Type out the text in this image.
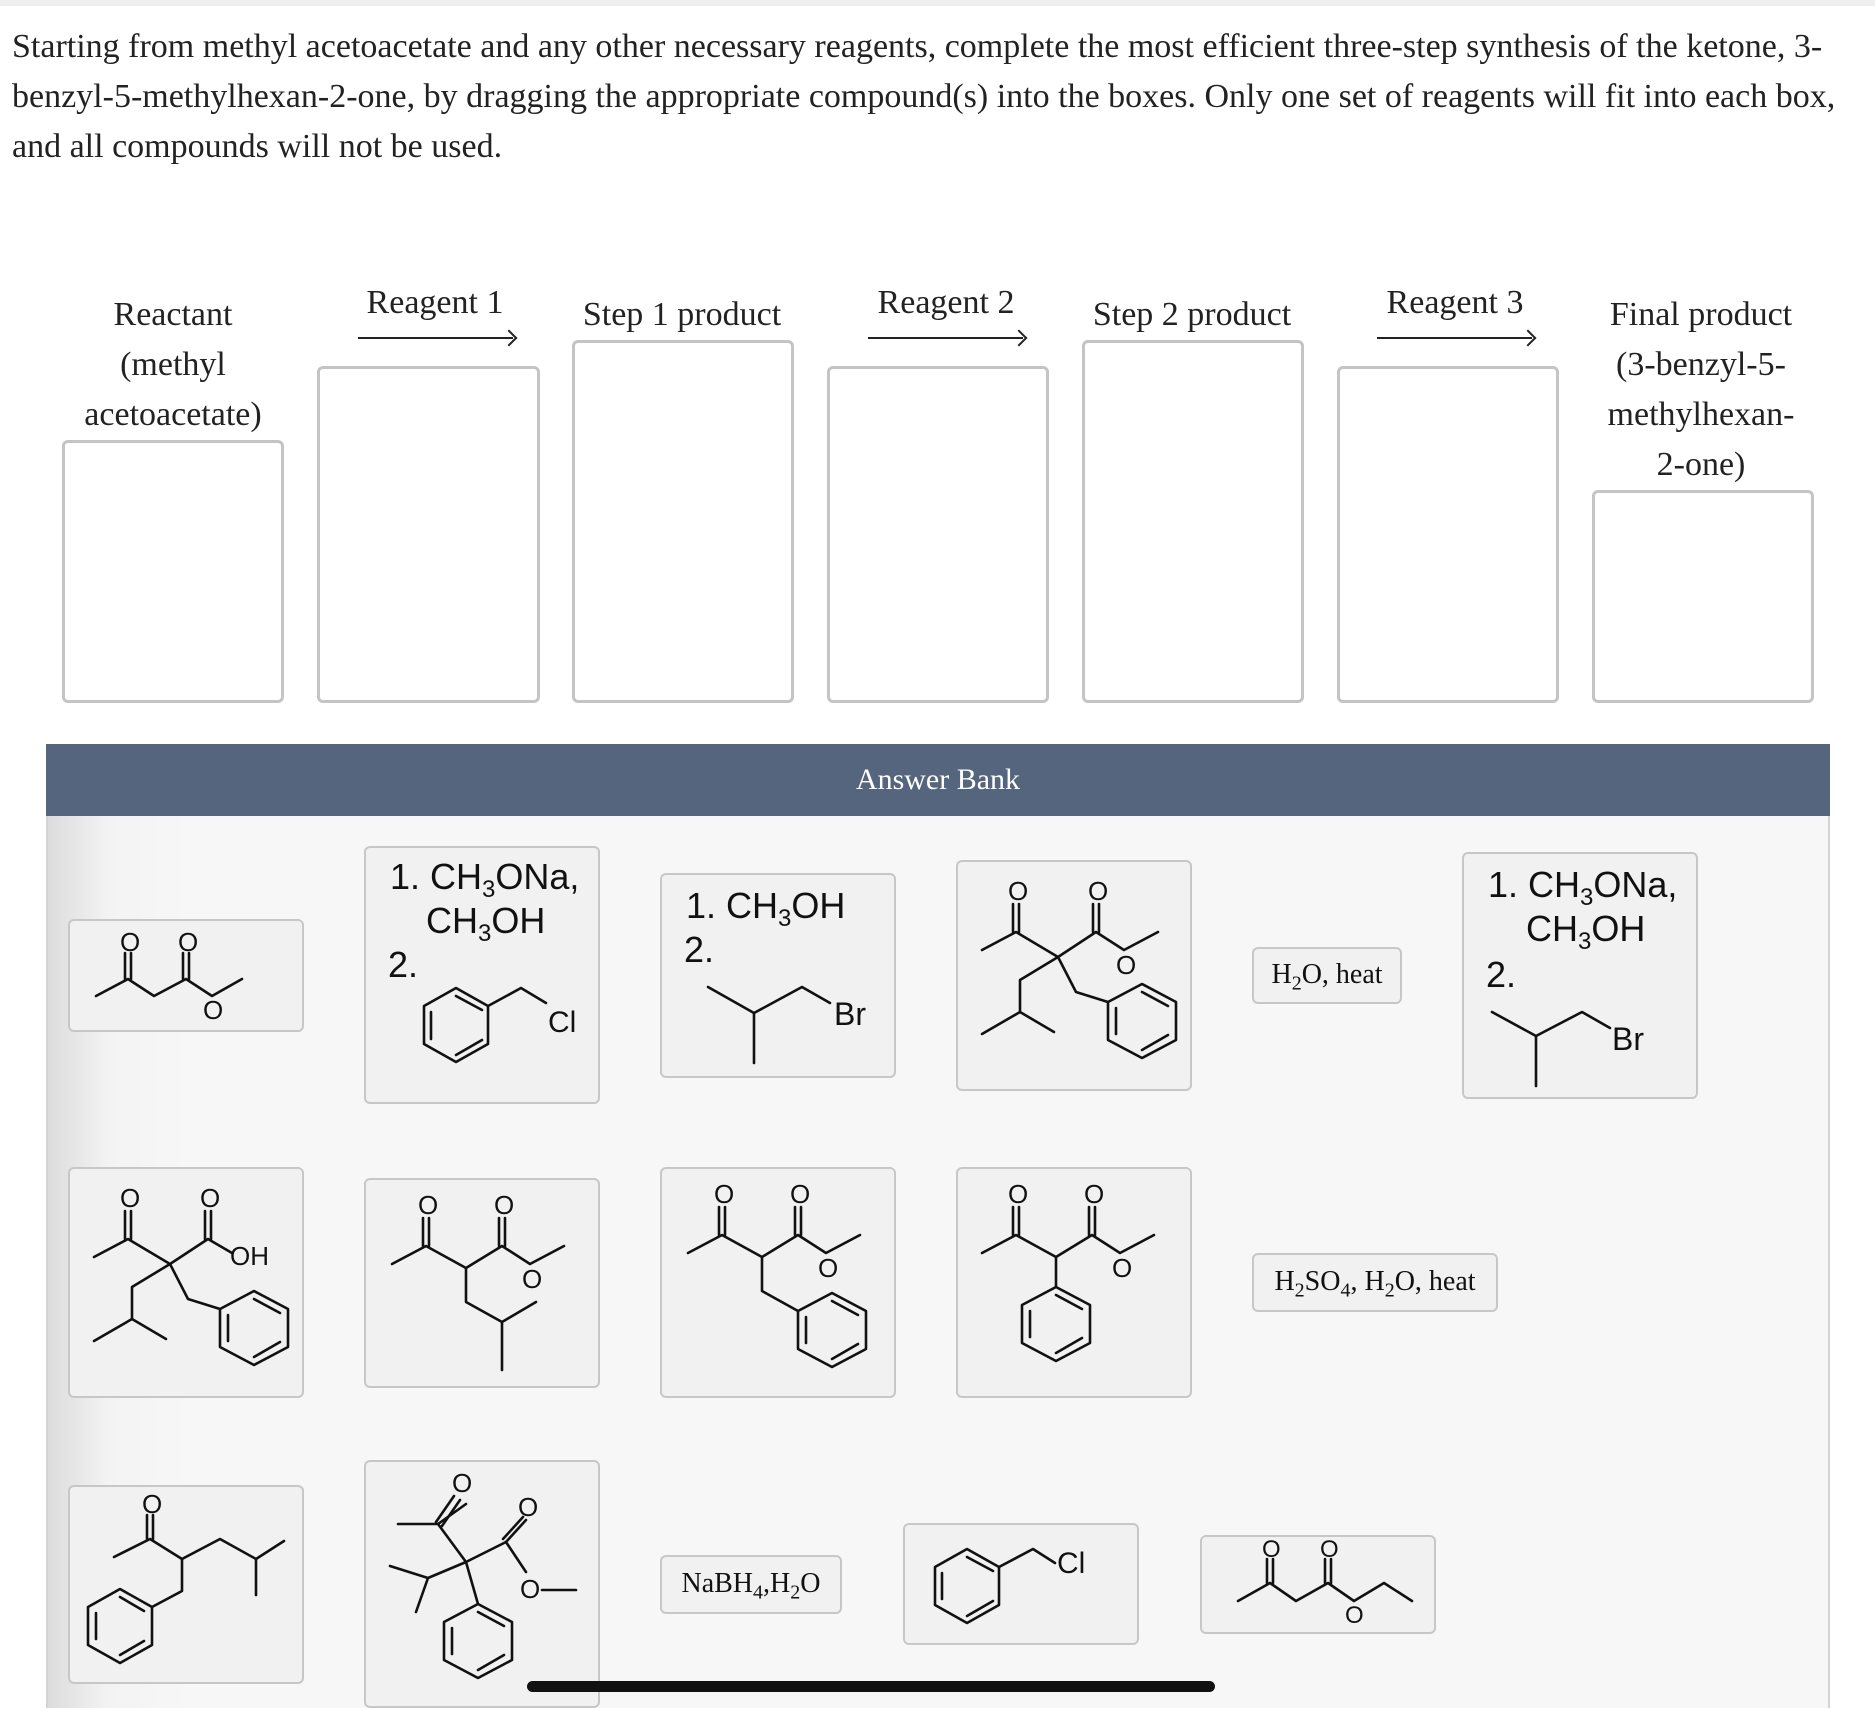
Starting from methyl acetoacetate and any other necessary reagents, complete the most efficient three-step synthesis of the ketone, 3-benzyl-5-methylhexan-2-one, by dragging the appropriate compound(s) into the boxes. Only one set of reagents will fit into each box, and all compounds will not be used.

Reactant
(methyl
acetoacetate)
Reagent 1	Step 1 product	Reagent 2	Step 2 product	Reagent 3	Final product
(3-benzyl-5-
methylhexan-
2-one)
Answer Bank
O O
O
1. $CH_3ONa$,
$CH_3OH$
2.
Cl
1. $CH_3OH$
2.
Br
O O
O	$H_2O$, heat
1. $CH_3ONa$,
$CH_3OH$
2.
Br
O O
OH
O O
O
O O
O
O O
O	$H_2SO_4$, $H_2O$, heat
O
O
O
O	$NaBH_4,H_2O$
Cl	O O
O
